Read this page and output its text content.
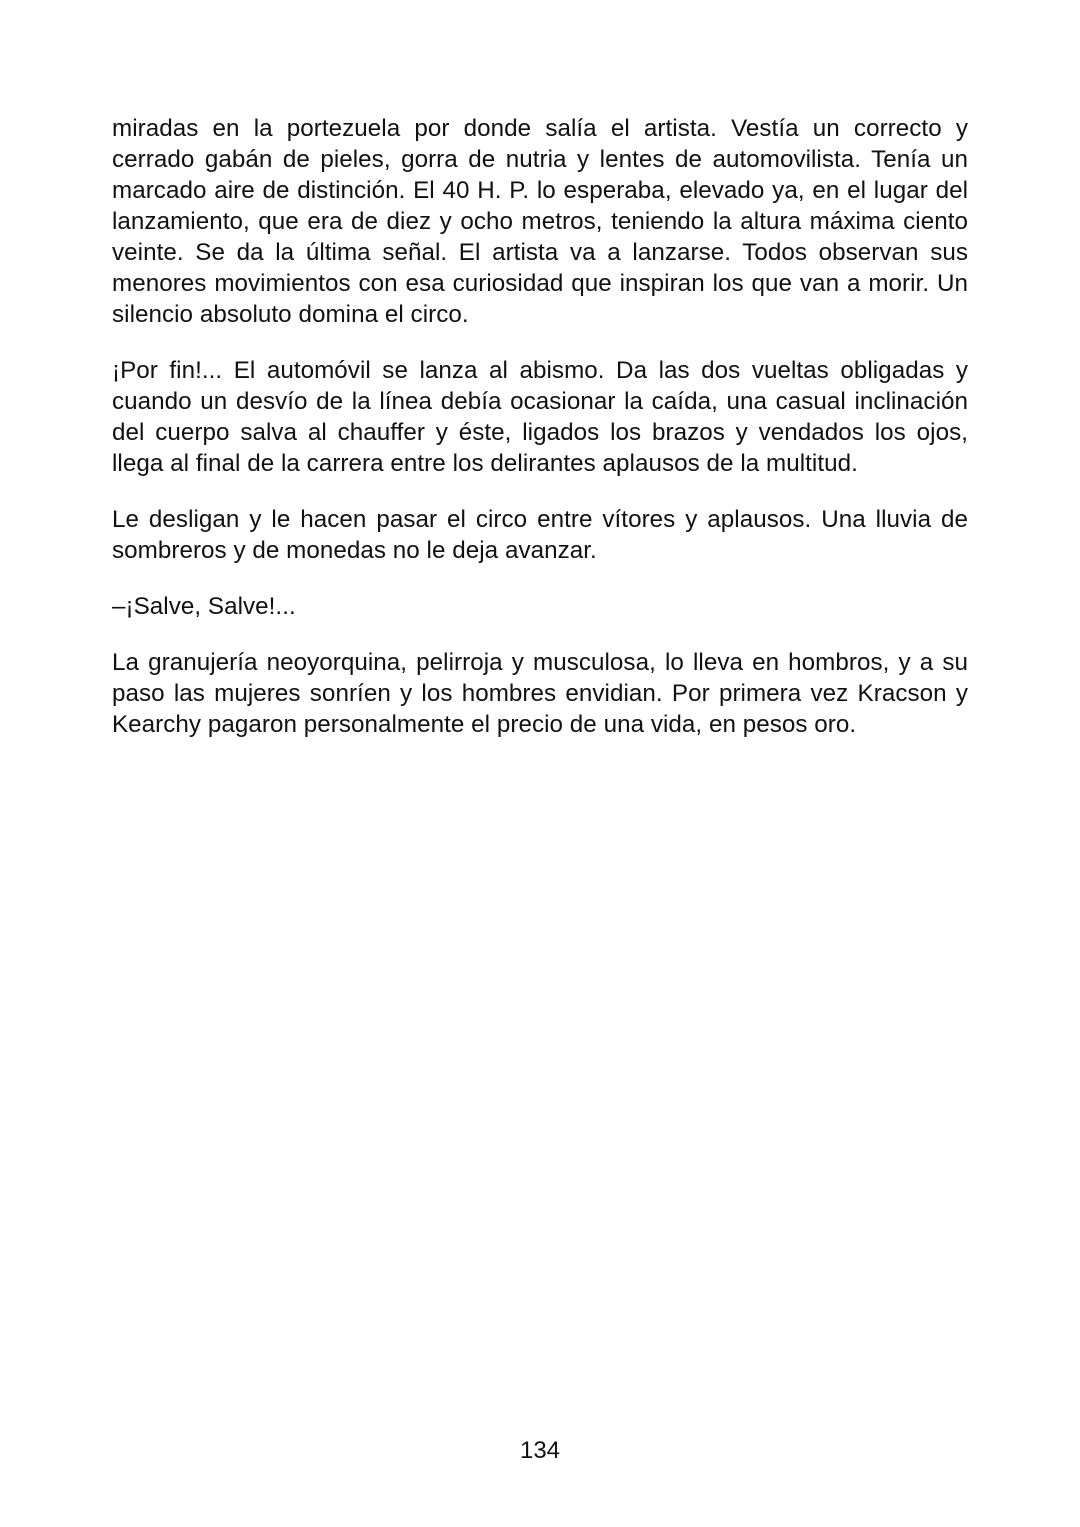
miradas en la portezuela por donde salía el artista. Vestía un correcto y cerrado gabán de pieles, gorra de nutria y lentes de automovilista. Tenía un marcado aire de distinción. El 40 H. P. lo esperaba, elevado ya, en el lugar del lanzamiento, que era de diez y ocho metros, teniendo la altura máxima ciento veinte. Se da la última señal. El artista va a lanzarse. Todos observan sus menores movimientos con esa curiosidad que inspiran los que van a morir. Un silencio absoluto domina el circo.

¡Por fin!... El automóvil se lanza al abismo. Da las dos vueltas obligadas y cuando un desvío de la línea debía ocasionar la caída, una casual inclinación del cuerpo salva al chauffer y éste, ligados los brazos y vendados los ojos, llega al final de la carrera entre los delirantes aplausos de la multitud.

Le desligan y le hacen pasar el circo entre vítores y aplausos. Una lluvia de sombreros y de monedas no le deja avanzar.

–¡Salve, Salve!...

La granujería neoyorquina, pelirroja y musculosa, lo lleva en hombros, y a su paso las mujeres sonríen y los hombres envidian. Por primera vez Kracson y Kearchy pagaron personalmente el precio de una vida, en pesos oro.

134
